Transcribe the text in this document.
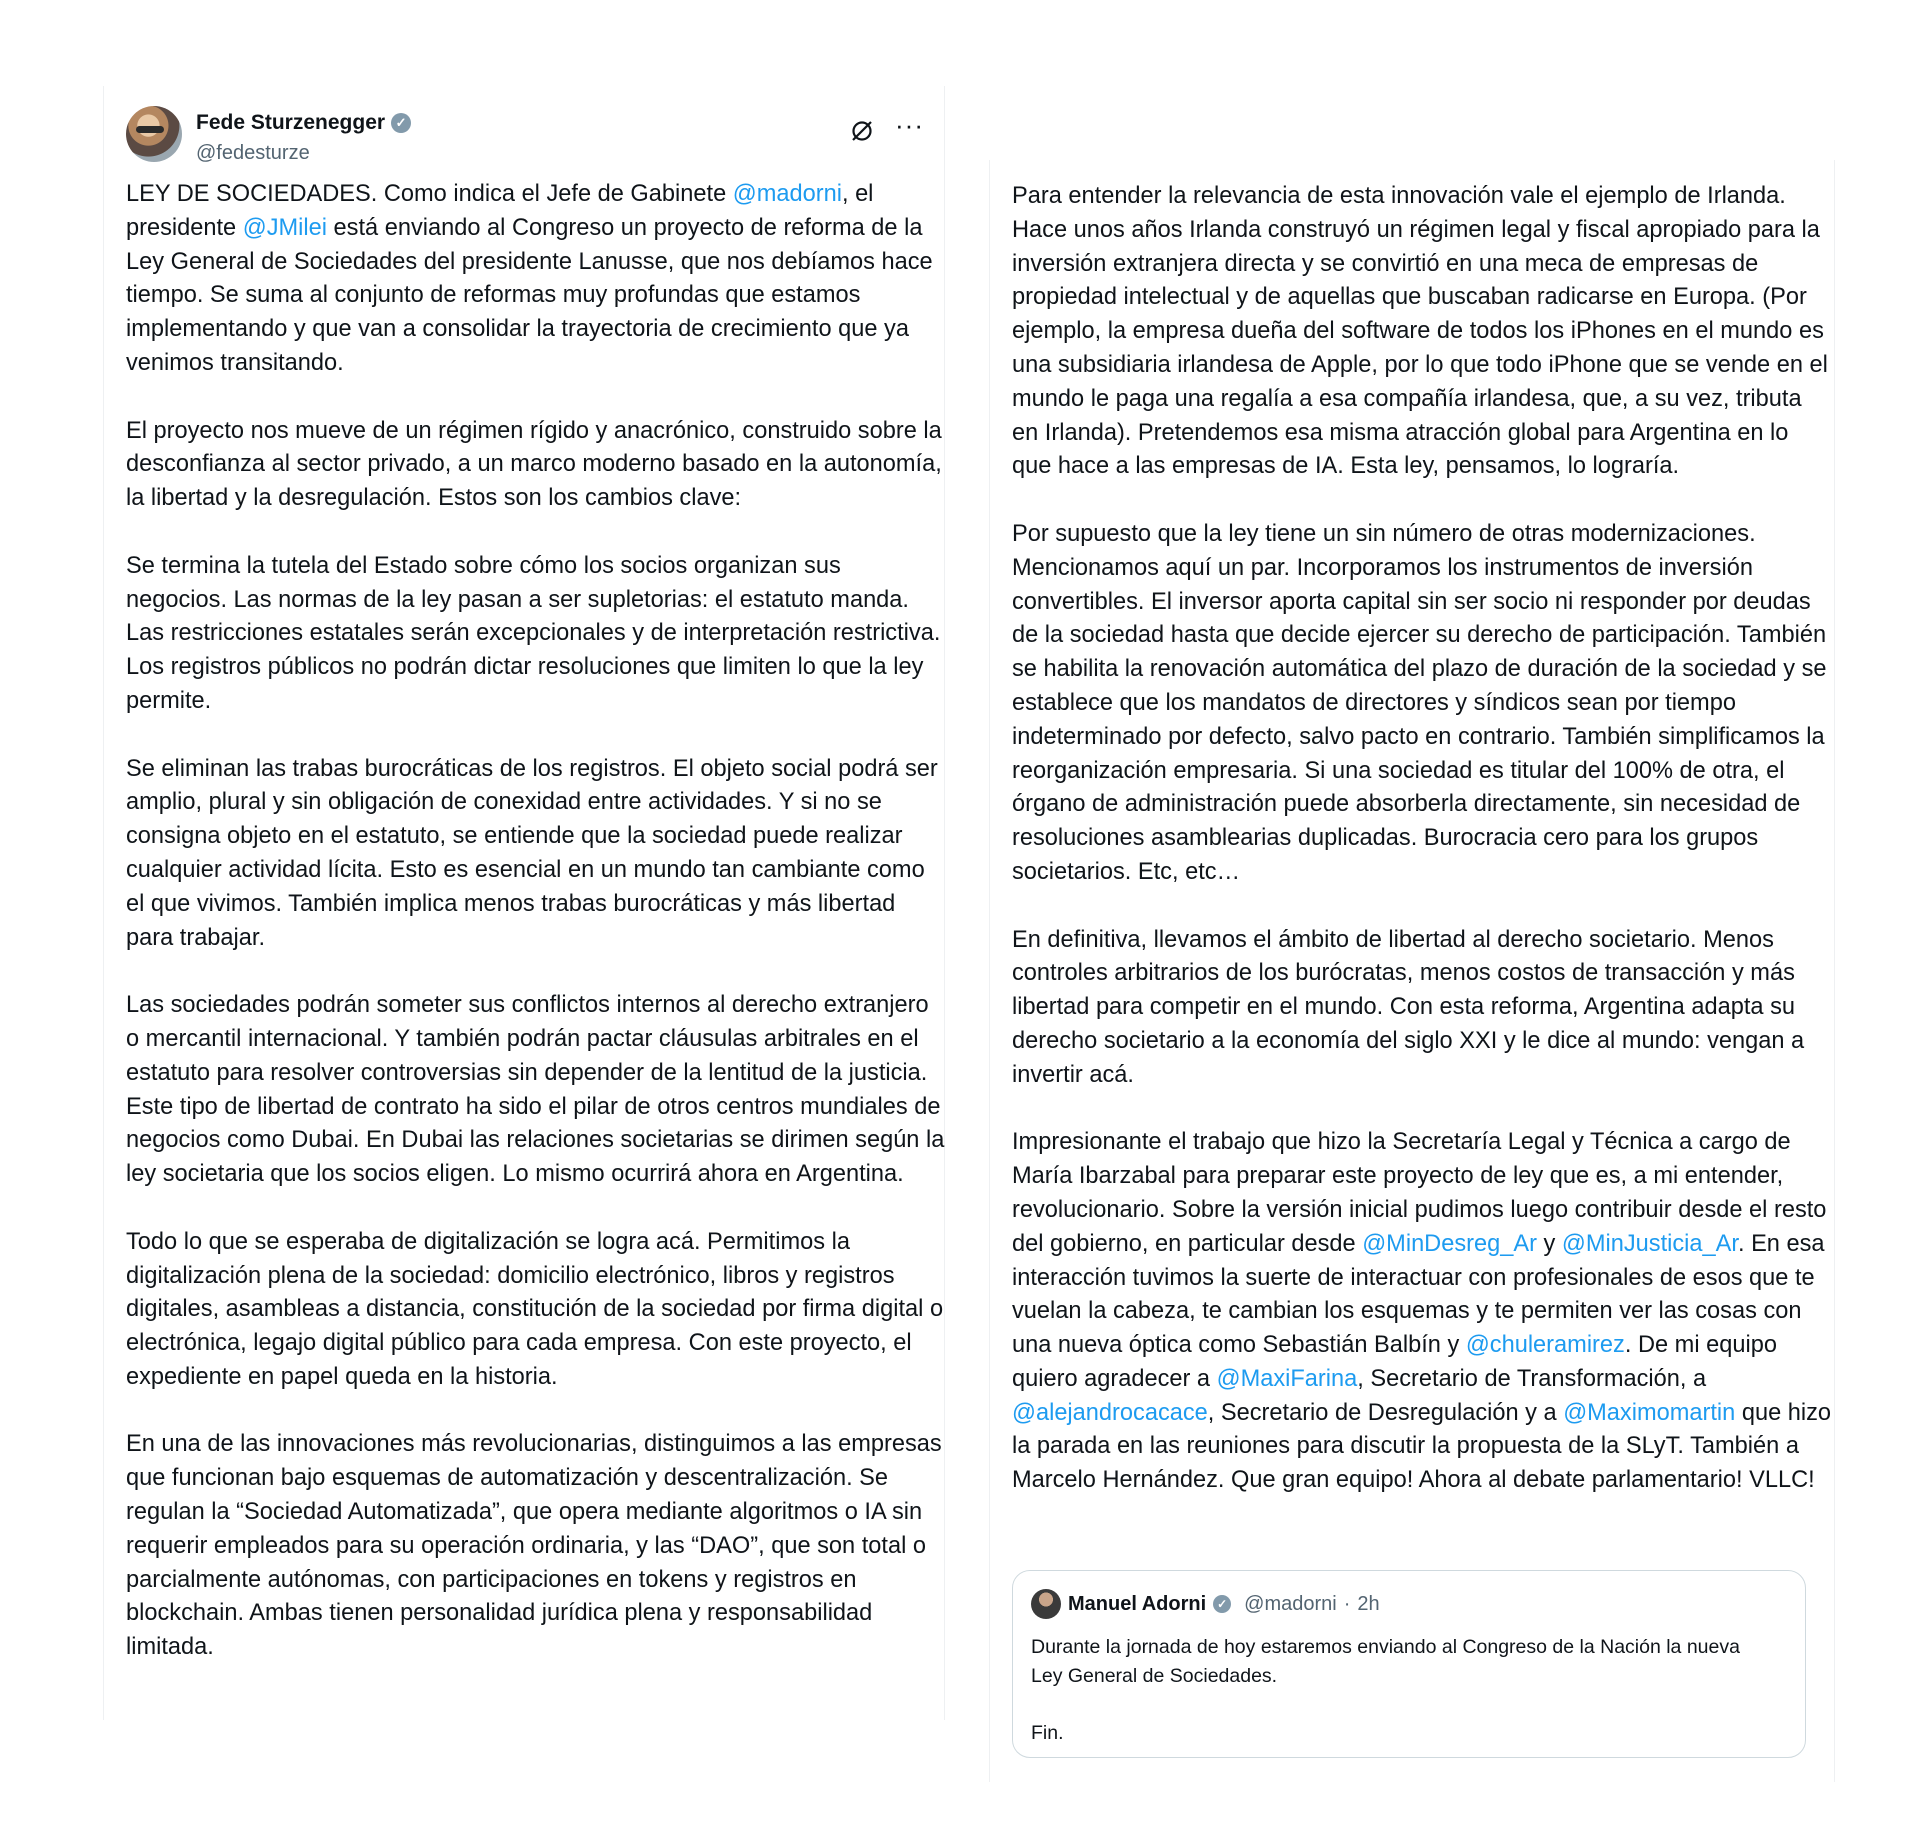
Fede Sturzenegger ✓
@fedesturze
···

LEY DE SOCIEDADES. Como indica el Jefe de Gabinete @madorni, el presidente @JMilei está enviando al Congreso un proyecto de reforma de la Ley General de Sociedades del presidente Lanusse, que nos debíamos hace tiempo. Se suma al conjunto de reformas muy profundas que estamos implementando y que van a consolidar la trayectoria de crecimiento que ya venimos transitando.

El proyecto nos mueve de un régimen rígido y anacrónico, construido sobre la desconfianza al sector privado, a un marco moderno basado en la autonomía, la libertad y la desregulación. Estos son los cambios clave:

Se termina la tutela del Estado sobre cómo los socios organizan sus negocios. Las normas de la ley pasan a ser supletorias: el estatuto manda. Las restricciones estatales serán excepcionales y de interpretación restrictiva. Los registros públicos no podrán dictar resoluciones que limiten lo que la ley permite.

Se eliminan las trabas burocráticas de los registros. El objeto social podrá ser amplio, plural y sin obligación de conexidad entre actividades. Y si no se consigna objeto en el estatuto, se entiende que la sociedad puede realizar cualquier actividad lícita. Esto es esencial en un mundo tan cambiante como el que vivimos. También implica menos trabas burocráticas y más libertad para trabajar.

Las sociedades podrán someter sus conflictos internos al derecho extranjero o mercantil internacional. Y también podrán pactar cláusulas arbitrales en el estatuto para resolver controversias sin depender de la lentitud de la justicia. Este tipo de libertad de contrato ha sido el pilar de otros centros mundiales de negocios como Dubai. En Dubai las relaciones societarias se dirimen según la ley societaria que los socios eligen. Lo mismo ocurrirá ahora en Argentina.

Todo lo que se esperaba de digitalización se logra acá. Permitimos la digitalización plena de la sociedad: domicilio electrónico, libros y registros digitales, asambleas a distancia, constitución de la sociedad por firma digital o electrónica, legajo digital público para cada empresa. Con este proyecto, el expediente en papel queda en la historia.

En una de las innovaciones más revolucionarias, distinguimos a las empresas que funcionan bajo esquemas de automatización y descentralización. Se regulan la “Sociedad Automatizada”, que opera mediante algoritmos o IA sin requerir empleados para su operación ordinaria, y las “DAO”, que son total o parcialmente autónomas, con participaciones en tokens y registros en blockchain. Ambas tienen personalidad jurídica plena y responsabilidad limitada.

Para entender la relevancia de esta innovación vale el ejemplo de Irlanda. Hace unos años Irlanda construyó un régimen legal y fiscal apropiado para la inversión extranjera directa y se convirtió en una meca de empresas de propiedad intelectual y de aquellas que buscaban radicarse en Europa. (Por ejemplo, la empresa dueña del software de todos los iPhones en el mundo es una subsidiaria irlandesa de Apple, por lo que todo iPhone que se vende en el mundo le paga una regalía a esa compañía irlandesa, que, a su vez, tributa en Irlanda). Pretendemos esa misma atracción global para Argentina en lo que hace a las empresas de IA. Esta ley, pensamos, lo lograría.

Por supuesto que la ley tiene un sin número de otras modernizaciones. Mencionamos aquí un par. Incorporamos los instrumentos de inversión convertibles. El inversor aporta capital sin ser socio ni responder por deudas de la sociedad hasta que decide ejercer su derecho de participación. También se habilita la renovación automática del plazo de duración de la sociedad y se establece que los mandatos de directores y síndicos sean por tiempo indeterminado por defecto, salvo pacto en contrario. También simplificamos la reorganización empresaria. Si una sociedad es titular del 100% de otra, el órgano de administración puede absorberla directamente, sin necesidad de resoluciones asamblearias duplicadas. Burocracia cero para los grupos societarios. Etc, etc…

En definitiva, llevamos el ámbito de libertad al derecho societario. Menos controles arbitrarios de los burócratas, menos costos de transacción y más libertad para competir en el mundo. Con esta reforma, Argentina adapta su derecho societario a la economía del siglo XXI y le dice al mundo: vengan a invertir acá.

Impresionante el trabajo que hizo la Secretaría Legal y Técnica a cargo de María Ibarzabal para preparar este proyecto de ley que es, a mi entender, revolucionario. Sobre la versión inicial pudimos luego contribuir desde el resto del gobierno, en particular desde @MinDesreg_Ar y @MinJusticia_Ar. En esa interacción tuvimos la suerte de interactuar con profesionales de esos que te vuelan la cabeza, te cambian los esquemas y te permiten ver las cosas con una nueva óptica como Sebastián Balbín y @chuleramirez. De mi equipo quiero agradecer a @MaxiFarina, Secretario de Transformación, a @alejandrocacace, Secretario de Desregulación y a @Maximomartin que hizo la parada en las reuniones para discutir la propuesta de la SLyT. También a Marcelo Hernández. Que gran equipo! Ahora al debate parlamentario! VLLC!

Manuel Adorni ✓ @madorni · 2h
Durante la jornada de hoy estaremos enviando al Congreso de la Nación la nueva Ley General de Sociedades.
Fin.
